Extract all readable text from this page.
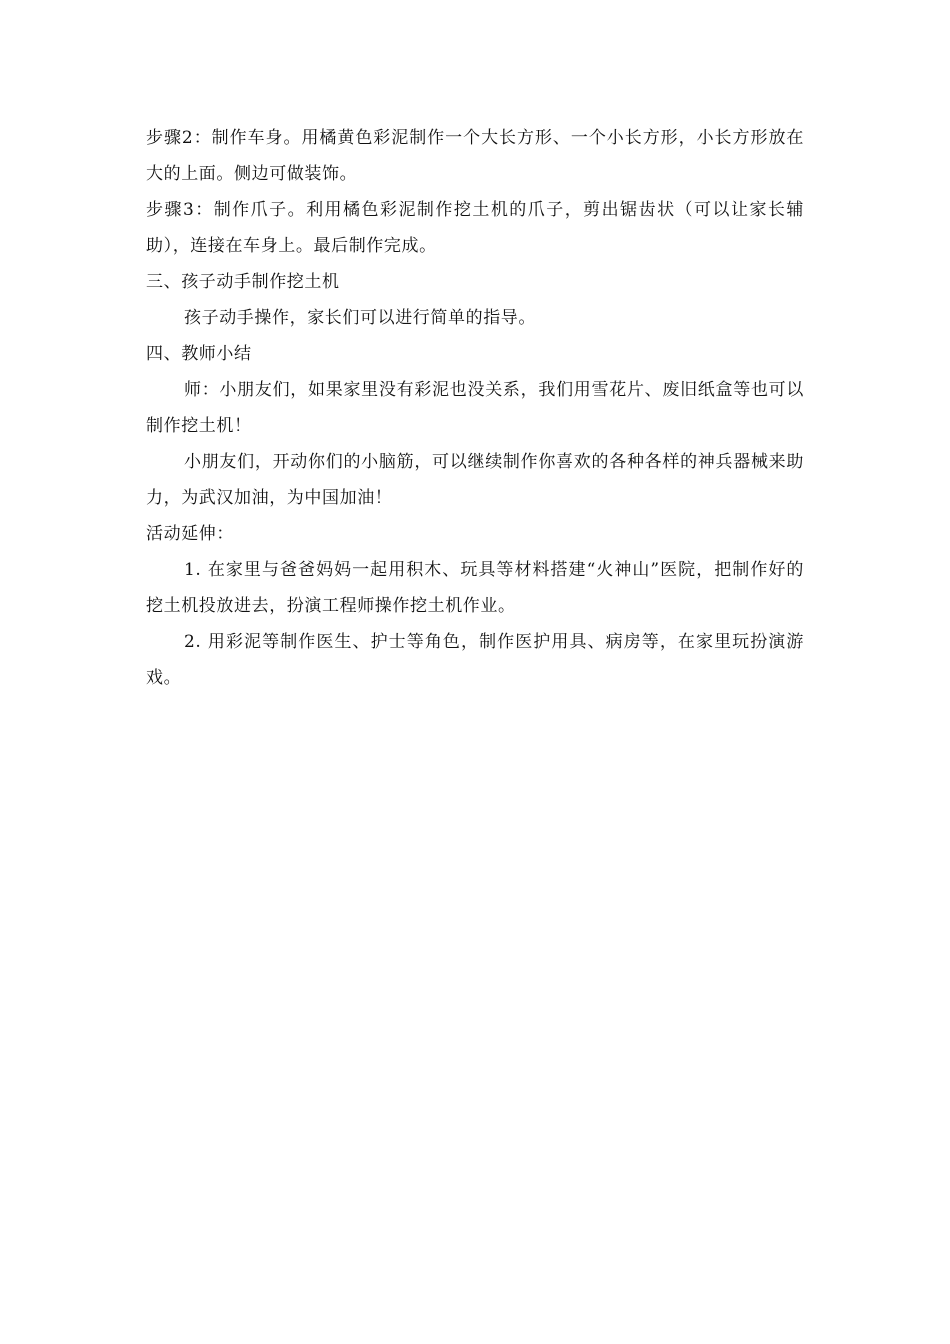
步骤2：制作车身。用橘黄色彩泥制作一个大长方形、一个小长方形，小长方形放在大的上面。侧边可做装饰。

步骤3：制作爪子。利用橘色彩泥制作挖土机的爪子，剪出锯齿状（可以让家长辅助），连接在车身上。最后制作完成。

三、孩子动手制作挖土机

孩子动手操作，家长们可以进行简单的指导。

四、教师小结

师：小朋友们，如果家里没有彩泥也没关系，我们用雪花片、废旧纸盒等也可以制作挖土机！

小朋友们，开动你们的小脑筋，可以继续制作你喜欢的各种各样的神兵器械来助力，为武汉加油，为中国加油！

活动延伸：

1. 在家里与爸爸妈妈一起用积木、玩具等材料搭建“火神山”医院，把制作好的挖土机投放进去，扮演工程师操作挖土机作业。

2. 用彩泥等制作医生、护士等角色，制作医护用具、病房等，在家里玩扮演游戏。
